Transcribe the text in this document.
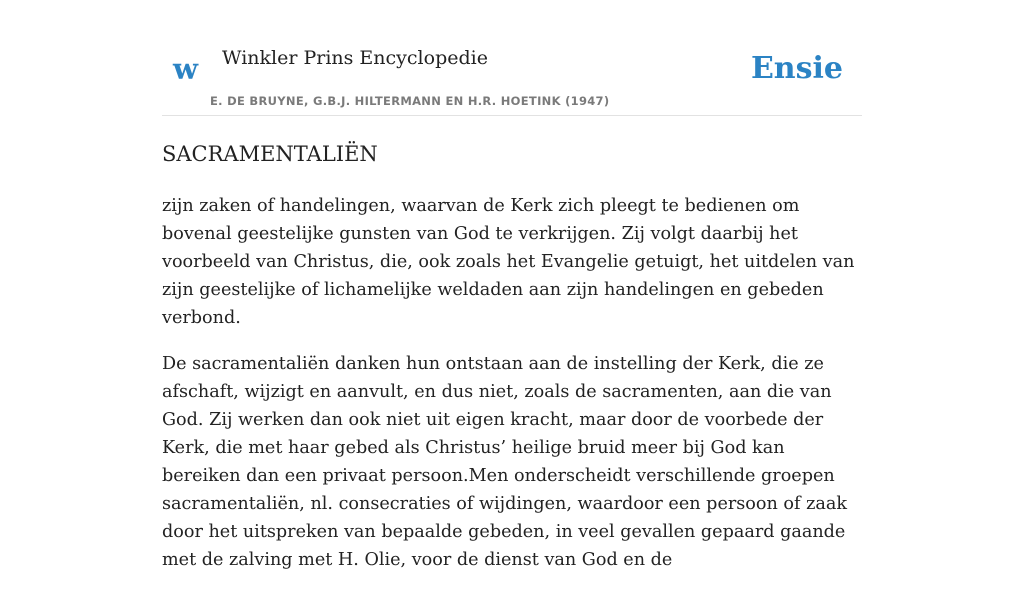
w Winkler Prins Encyclopedie
E. DE BRUYNE, G.B.J. HILTERMANN EN H.R. HOETINK (1947)
Ensie
SACRAMENTALIËN

zijn zaken of handelingen, waarvan de Kerk zich pleegt te bedienen om bovenal geestelijke gunsten van God te verkrijgen. Zij volgt daarbij het voorbeeld van Christus, die, ook zoals het Evangelie getuigt, het uitdelen van zijn geestelijke of lichamelijke weldaden aan zijn handelingen en gebeden verbond.

De sacramentaliën danken hun ontstaan aan de instelling der Kerk, die ze afschaft, wijzigt en aanvult, en dus niet, zoals de sacramenten, aan die van God. Zij werken dan ook niet uit eigen kracht, maar door de voorbede der Kerk, die met haar gebed als Christus’ heilige bruid meer bij God kan bereiken dan een privaat persoon.Men onderscheidt verschillende groepen sacramentaliën, nl. consecraties of wijdingen, waardoor een persoon of zaak door het uitspreken van bepaalde gebeden, in veel gevallen gepaard gaande met de zalving met H. Olie, voor de dienst van God en de
